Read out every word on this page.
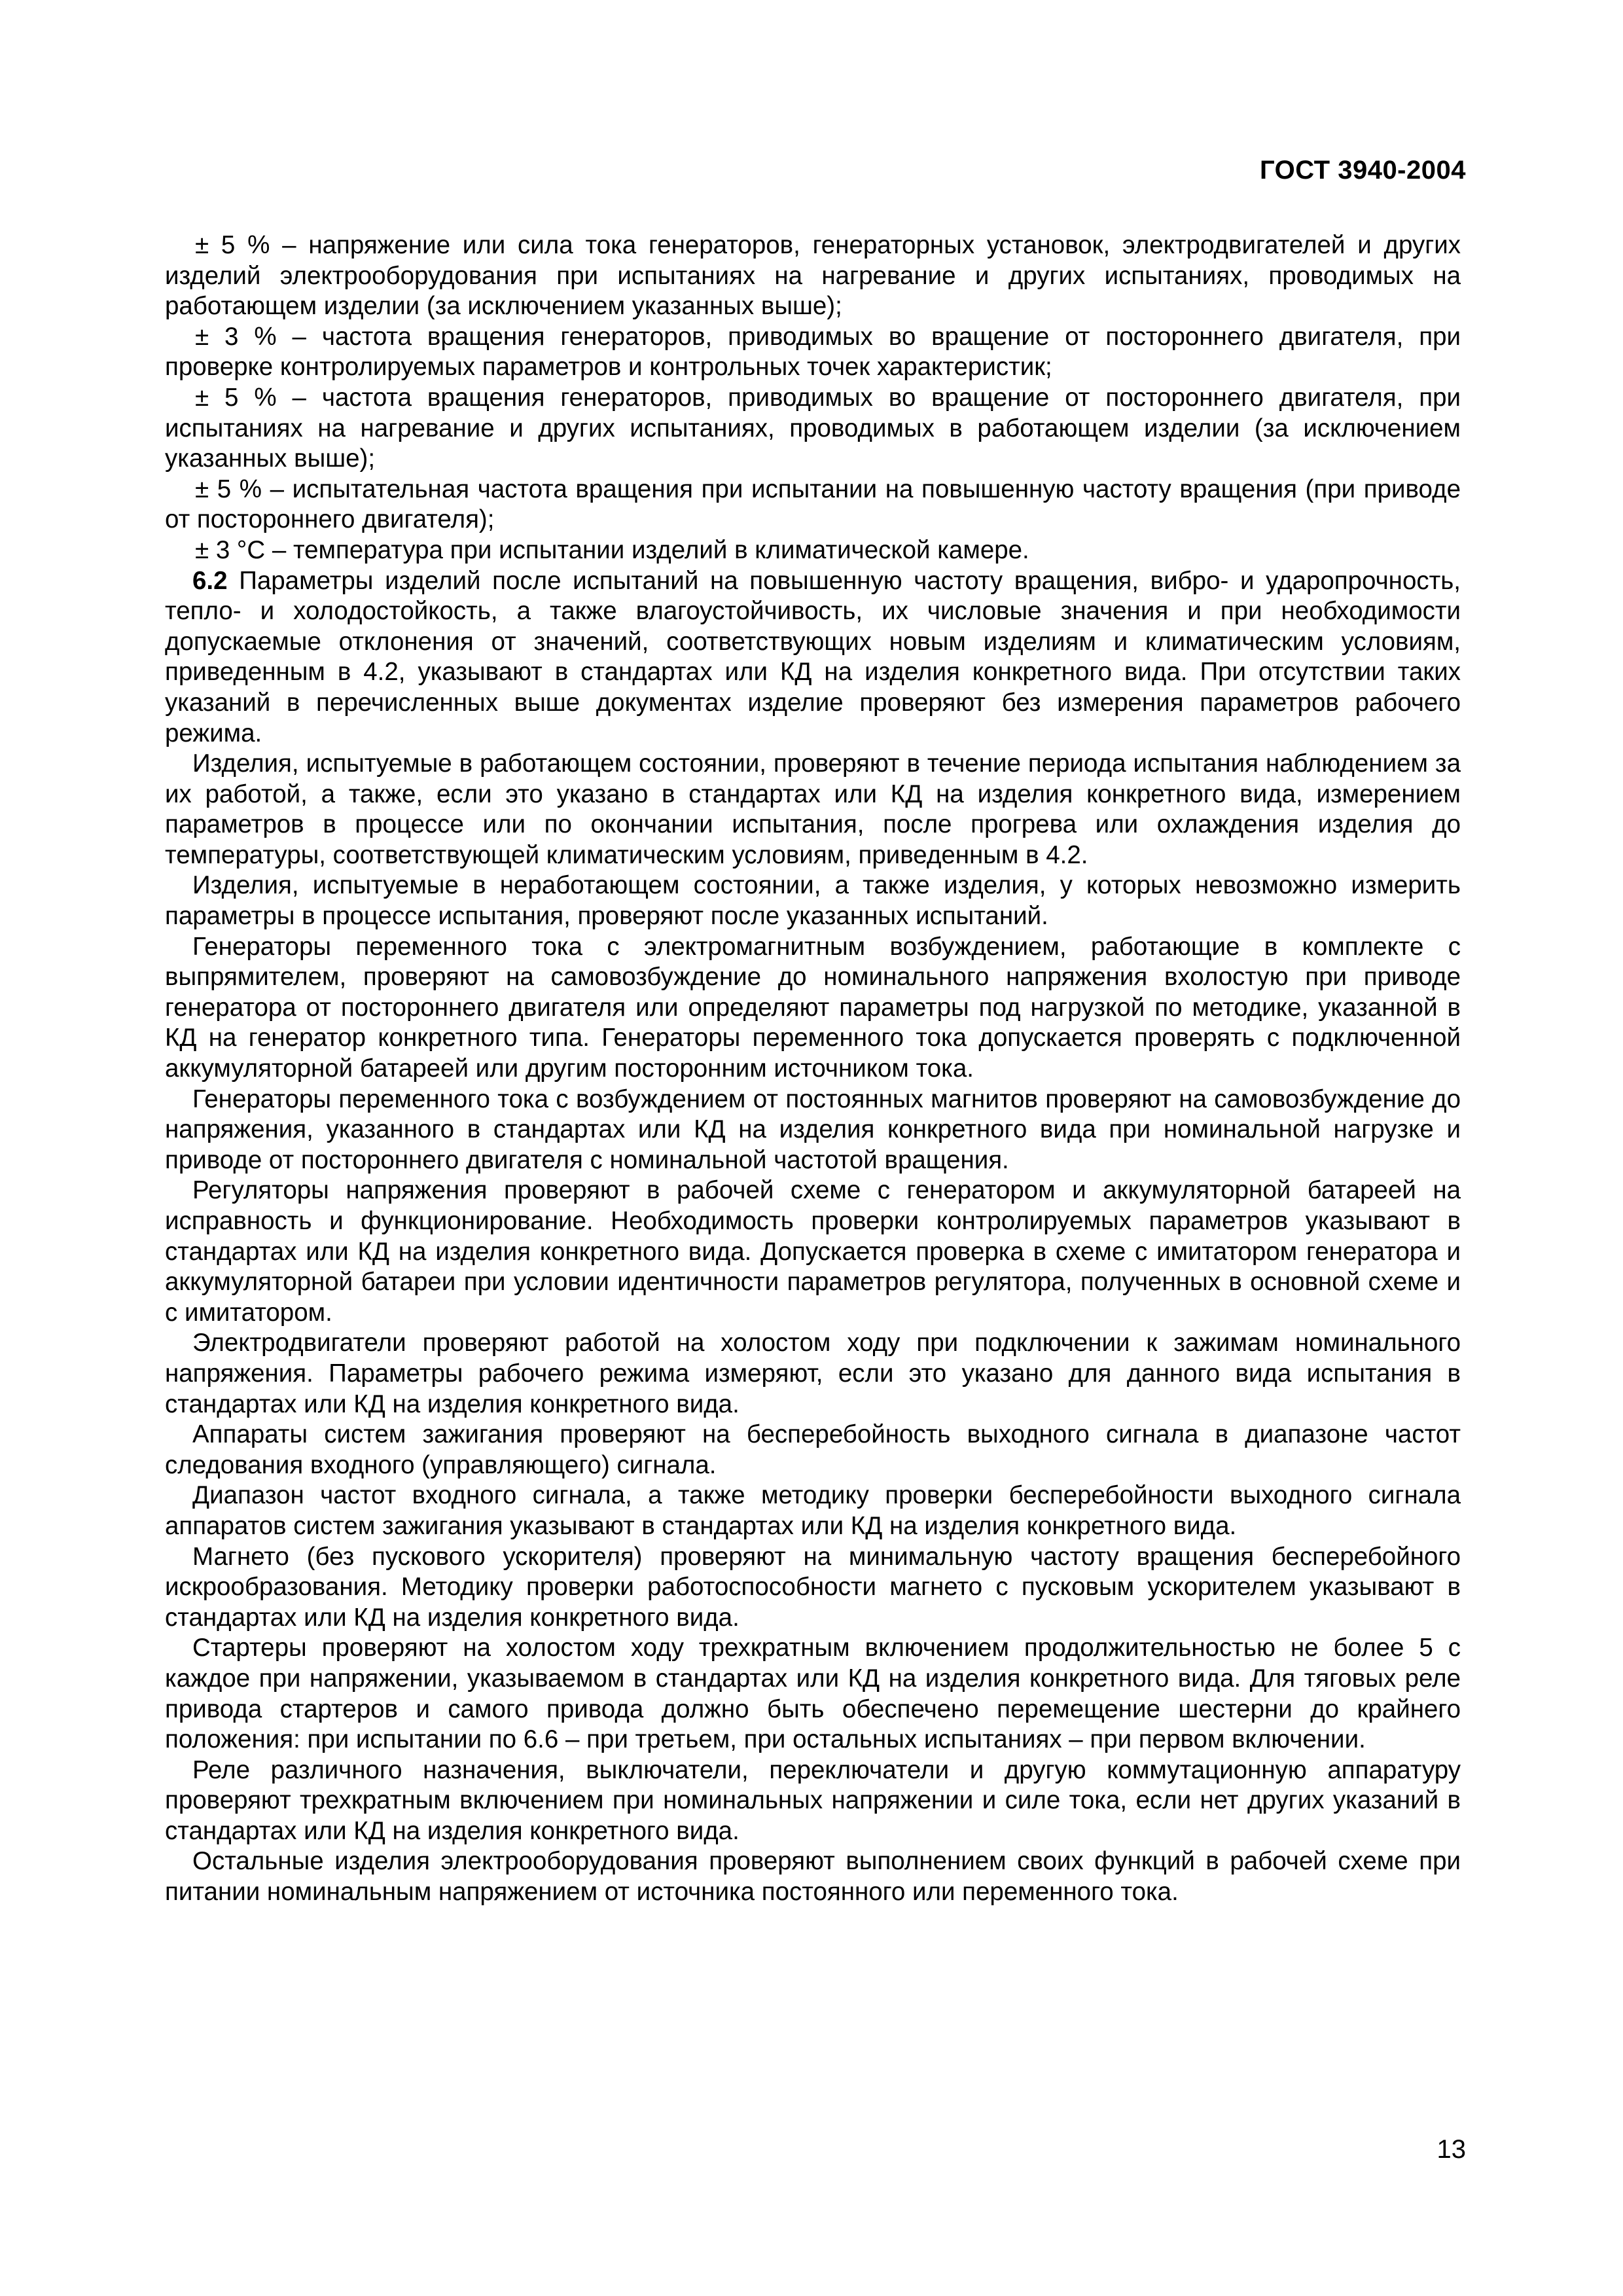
ГОСТ 3940-2004

± 5 % – напряжение или сила тока генераторов, генераторных установок, электродвигателей и других изделий электрооборудования при испытаниях на нагревание и других испытаниях, проводимых на работающем изделии (за исключением указанных выше);

± 3 % – частота вращения генераторов, приводимых во вращение от постороннего двигателя, при проверке контролируемых параметров и контрольных точек характеристик;

± 5 % – частота вращения генераторов, приводимых во вращение от постороннего двигателя, при испытаниях на нагревание и других испытаниях, проводимых в работающем изделии (за исключением указанных выше);

± 5 % – испытательная частота вращения при испытании на повышенную частоту вращения (при приводе от постороннего двигателя);

± 3 °С – температура при испытании изделий в климатической камере.

6.2 Параметры изделий после испытаний на повышенную частоту вращения, вибро- и ударопрочность, тепло- и холодостойкость, а также влагоустойчивость, их числовые значения и при необходимости допускаемые отклонения от значений, соответствующих новым изделиям и климатическим условиям, приведенным в 4.2, указывают в стандартах или КД на изделия конкретного вида. При отсутствии таких указаний в перечисленных выше документах изделие проверяют без измерения параметров рабочего режима.

Изделия, испытуемые в работающем состоянии, проверяют в течение периода испытания наблюдением за их работой, а также, если это указано в стандартах или КД на изделия конкретного вида, измерением параметров в процессе или по окончании испытания, после прогрева или охлаждения изделия до температуры, соответствующей климатическим условиям, приведенным в 4.2.

Изделия, испытуемые в неработающем состоянии, а также изделия, у которых невозможно измерить параметры в процессе испытания, проверяют после указанных испытаний.

Генераторы переменного тока с электромагнитным возбуждением, работающие в комплекте с выпрямителем, проверяют на самовозбуждение до номинального напряжения вхолостую при приводе генератора от постороннего двигателя или определяют параметры под нагрузкой по методике, указанной в КД на генератор конкретного типа. Генераторы переменного тока допускается проверять с подключенной аккумуляторной батареей или другим посторонним источником тока.

Генераторы переменного тока с возбуждением от постоянных магнитов проверяют на самовозбуждение до напряжения, указанного в стандартах или КД на изделия конкретного вида при номинальной нагрузке и приводе от постороннего двигателя с номинальной частотой вращения.

Регуляторы напряжения проверяют в рабочей схеме с генератором и аккумуляторной батареей на исправность и функционирование. Необходимость проверки контролируемых параметров указывают в стандартах или КД на изделия конкретного вида. Допускается проверка в схеме с имитатором генератора и аккумуляторной батареи при условии идентичности параметров регулятора, полученных в основной схеме и с имитатором.

Электродвигатели проверяют работой на холостом ходу при подключении к зажимам номинального напряжения. Параметры рабочего режима измеряют, если это указано для данного вида испытания в стандартах или КД на изделия конкретного вида.

Аппараты систем зажигания проверяют на бесперебойность выходного сигнала в диапазоне частот следования входного (управляющего) сигнала.

Диапазон частот входного сигнала, а также методику проверки бесперебойности выходного сигнала аппаратов систем зажигания указывают в стандартах или КД на изделия конкретного вида.

Магнето (без пускового ускорителя) проверяют на минимальную частоту вращения бесперебойного искрообразования. Методику проверки работоспособности магнето с пусковым ускорителем указывают в стандартах или КД на изделия конкретного вида.

Стартеры проверяют на холостом ходу трехкратным включением продолжительностью не более 5 с каждое при напряжении, указываемом в стандартах или КД на изделия конкретного вида. Для тяговых реле привода стартеров и самого привода должно быть обеспечено перемещение шестерни до крайнего положения: при испытании по 6.6 – при третьем, при остальных испытаниях – при первом включении.

Реле различного назначения, выключатели, переключатели и другую коммутационную аппаратуру проверяют трехкратным включением при номинальных напряжении и силе тока, если нет других указаний в стандартах или КД на изделия конкретного вида.

Остальные изделия электрооборудования проверяют выполнением своих функций в рабочей схеме при питании номинальным напряжением от источника постоянного или переменного тока.

13
